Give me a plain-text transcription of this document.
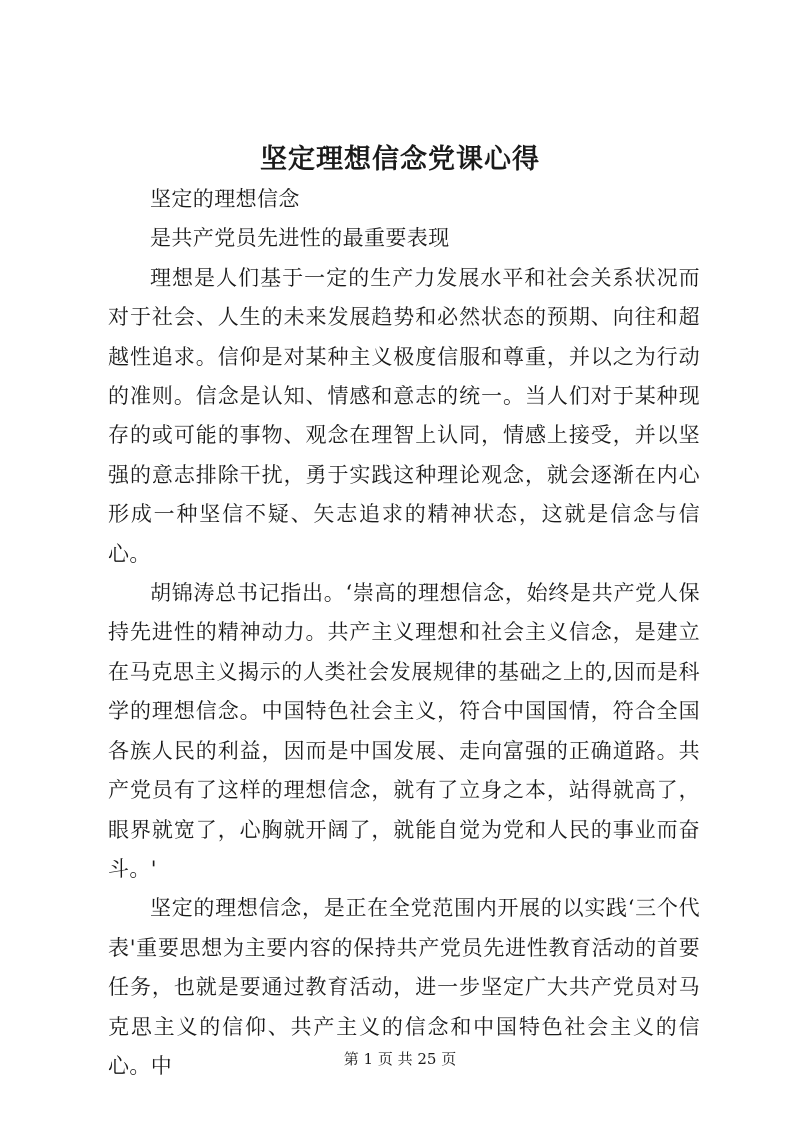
坚定理想信念党课心得

坚定的理想信念

是共产党员先进性的最重要表现

理想是人们基于一定的生产力发展水平和社会关系状况而对于社会、人生的未来发展趋势和必然状态的预期、向往和超越性追求。信仰是对某种主义极度信服和尊重，并以之为行动的准则。信念是认知、情感和意志的统一。当人们对于某种现存的或可能的事物、观念在理智上认同，情感上接受，并以坚强的意志排除干扰，勇于实践这种理论观念，就会逐渐在内心形成一种坚信不疑、矢志追求的精神状态，这就是信念与信心。

胡锦涛总书记指出。‘崇高的理想信念，始终是共产党人保持先进性的精神动力。共产主义理想和社会主义信念，是建立在马克思主义揭示的人类社会发展规律的基础之上的,因而是科学的理想信念。中国特色社会主义，符合中国国情，符合全国各族人民的利益，因而是中国发展、走向富强的正确道路。共产党员有了这样的理想信念，就有了立身之本，站得就高了，眼界就宽了，心胸就开阔了，就能自觉为党和人民的事业而奋斗。'

坚定的理想信念，是正在全党范围内开展的以实践‘三个代表'重要思想为主要内容的保持共产党员先进性教育活动的首要任务，也就是要通过教育活动，进一步坚定广大共产党员对马克思主义的信仰、共产主义的信念和中国特色社会主义的信心。中	第 1 页 共 25 页
